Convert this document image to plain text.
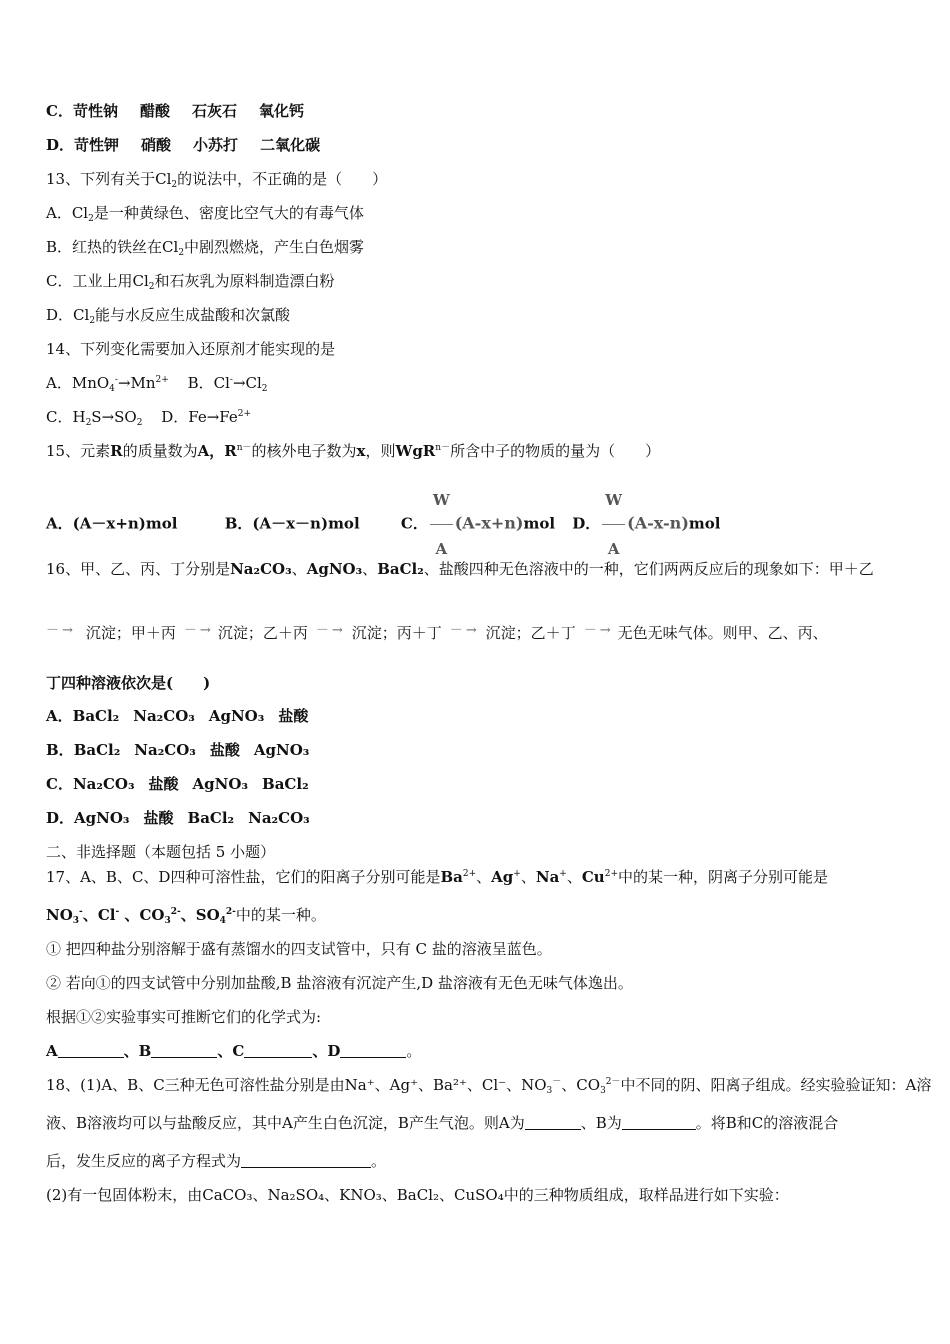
C．苛性钠 醋酸 石灰石 氧化钙
D．苛性钾 硝酸 小苏打 二氧化碳
13、下列有关于$Cl_2$的说法中，不正确的是（　　）
A．$Cl_2$是一种黄绿色、密度比空气大的有毒气体
B．红热的铁丝在$Cl_2$中剧烈燃烧，产生白色烟雾
C．工业上用$Cl_2$和石灰乳为原料制造漂白粉
D．$Cl_2$能与水反应生成盐酸和次氯酸
14、下列变化需要加入还原剂才能实现的是
A．$MnO_4^-\to Mn^{2+}$ B．$Cl^-\to Cl_2$
C．$H_2S\to SO_2$ D．$Fe\to Fe^{2+}$
15、元素R的质量数为A，$R^{n-}$的核外电子数为x，则WgR$^{n-}$所含中子的物质的量为（　　）
A．(A－x+n)mol	B．(A－x－n)mol	C． $\frac{W}{A} (A-x+n)mol$ D． $\frac{W}{A} (A-x-n)mol$
16、甲、乙、丙、丁分别是Na₂CO₃、AgNO₃、BaCl₂、盐酸四种无色溶液中的一种，它们两两反应后的现象如下：甲＋乙
－→ 沉淀；甲＋丙 －→ 沉淀；乙＋丙 －→ 沉淀；丙＋丁 －→ 沉淀；乙＋丁 －→ 无色无味气体。则甲、乙、丙、
丁四种溶液依次是(　　)
A．BaCl₂ Na₂CO₃ AgNO₃ 盐酸
B．BaCl₂ Na₂CO₃ 盐酸 AgNO₃
C．Na₂CO₃ 盐酸 AgNO₃ BaCl₂
D．AgNO₃ 盐酸 BaCl₂ Na₂CO₃
二、非选择题（本题包括 5 小题）
17、A、B、C、D四种可溶性盐，它们的阳离子分别可能是$Ba^{2+}$、Ag+、Na+、$Cu^{2+}$中的某一种，阴离子分别可能是
$NO_3^-$、Cl- 、$CO_3^{2-}$、$SO_4^{2-}$中的某一种。
① 把四种盐分别溶解于盛有蒸馏水的四支试管中，只有 C 盐的溶液呈蓝色。
② 若向①的四支试管中分别加盐酸,B 盐溶液有沉淀产生,D 盐溶液有无色无味气体逸出。
根据①②实验事实可推断它们的化学式为:
A	、B	、C	、D	。
18、(1)A、B、C三种无色可溶性盐分别是由Na⁺、Ag⁺、Ba²⁺、Cl⁻、$NO_3^-$、$CO_3^{2-}$中不同的阴、阳离子组成。经实验验证知：A溶
液、B溶液均可以与盐酸反应，其中A产生白色沉淀，B产生气泡。则A为	、B为	。将B和C的溶液混合
后，发生反应的离子方程式为	。
(2)有一包固体粉末，由CaCO₃、Na₂SO₄、KNO₃、BaCl₂、CuSO₄中的三种物质组成，取样品进行如下实验：
